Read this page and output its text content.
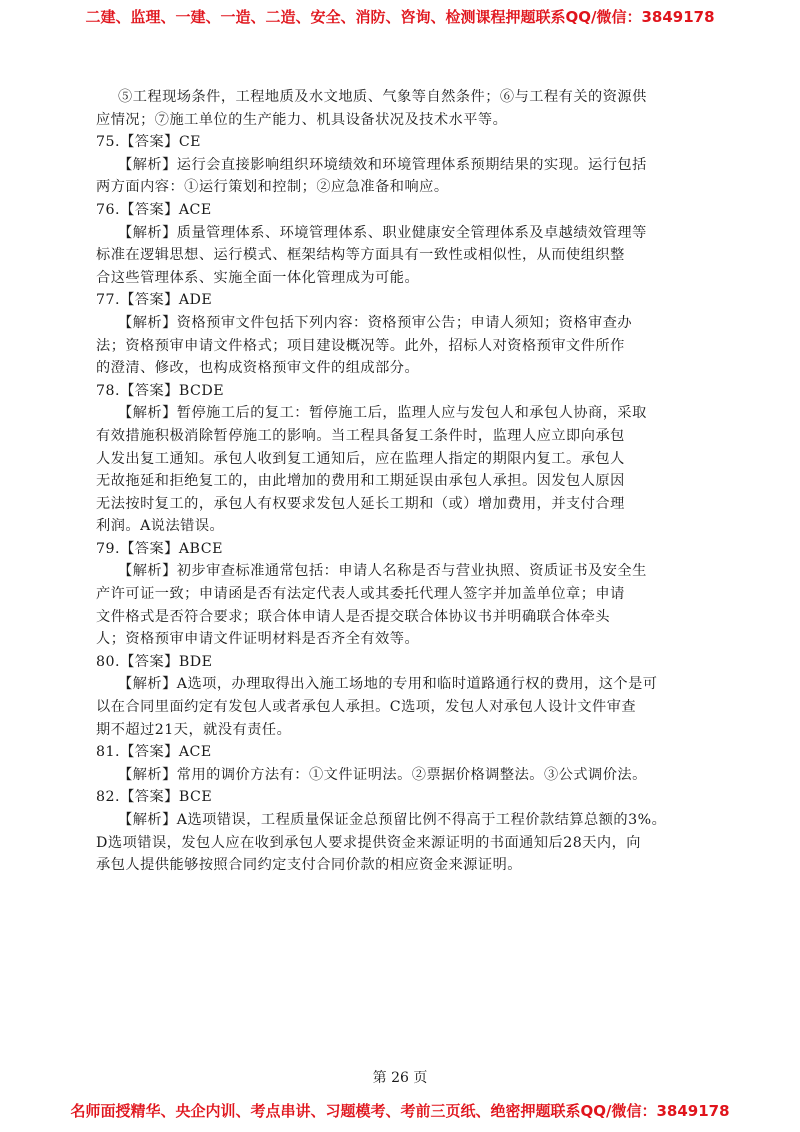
二建、监理、一建、一造、二造、安全、消防、咨询、检测课程押题联系QQ/微信：3849178
⑤工程现场条件，工程地质及水文地质、气象等自然条件；⑥与工程有关的资源供
应情况；⑦施工单位的生产能力、机具设备状况及技术水平等。
75.【答案】CE
【解析】运行会直接影响组织环境绩效和环境管理体系预期结果的实现。运行包括
两方面内容：①运行策划和控制；②应急准备和响应。
76.【答案】ACE
【解析】质量管理体系、环境管理体系、职业健康安全管理体系及卓越绩效管理等
标准在逻辑思想、运行模式、框架结构等方面具有一致性或相似性，从而使组织整
合这些管理体系、实施全面一体化管理成为可能。
77.【答案】ADE
【解析】资格预审文件包括下列内容：资格预审公告；申请人须知；资格审查办
法；资格预审申请文件格式；项目建设概况等。此外，招标人对资格预审文件所作
的澄清、修改，也构成资格预审文件的组成部分。
78.【答案】BCDE
【解析】暂停施工后的复工：暂停施工后，监理人应与发包人和承包人协商，采取
有效措施积极消除暂停施工的影响。当工程具备复工条件时，监理人应立即向承包
人发出复工通知。承包人收到复工通知后，应在监理人指定的期限内复工。承包人
无故拖延和拒绝复工的，由此增加的费用和工期延误由承包人承担。因发包人原因
无法按时复工的，承包人有权要求发包人延长工期和（或）增加费用，并支付合理
利润。A说法错误。
79.【答案】ABCE
【解析】初步审查标准通常包括：申请人名称是否与营业执照、资质证书及安全生
产许可证一致；申请函是否有法定代表人或其委托代理人签字并加盖单位章；申请
文件格式是否符合要求；联合体申请人是否提交联合体协议书并明确联合体牵头
人；资格预审申请文件证明材料是否齐全有效等。
80.【答案】BDE
【解析】A选项，办理取得出入施工场地的专用和临时道路通行权的费用，这个是可
以在合同里面约定有发包人或者承包人承担。C选项，发包人对承包人设计文件审查
期不超过21天，就没有责任。
81.【答案】ACE
【解析】常用的调价方法有：①文件证明法。②票据价格调整法。③公式调价法。
82.【答案】BCE
【解析】A选项错误，工程质量保证金总预留比例不得高于工程价款结算总额的3%。
D选项错误，发包人应在收到承包人要求提供资金来源证明的书面通知后28天内，向
承包人提供能够按照合同约定支付合同价款的相应资金来源证明。
第 26 页
名师面授精华、央企内训、考点串讲、习题模考、考前三页纸、绝密押题联系QQ/微信：3849178
